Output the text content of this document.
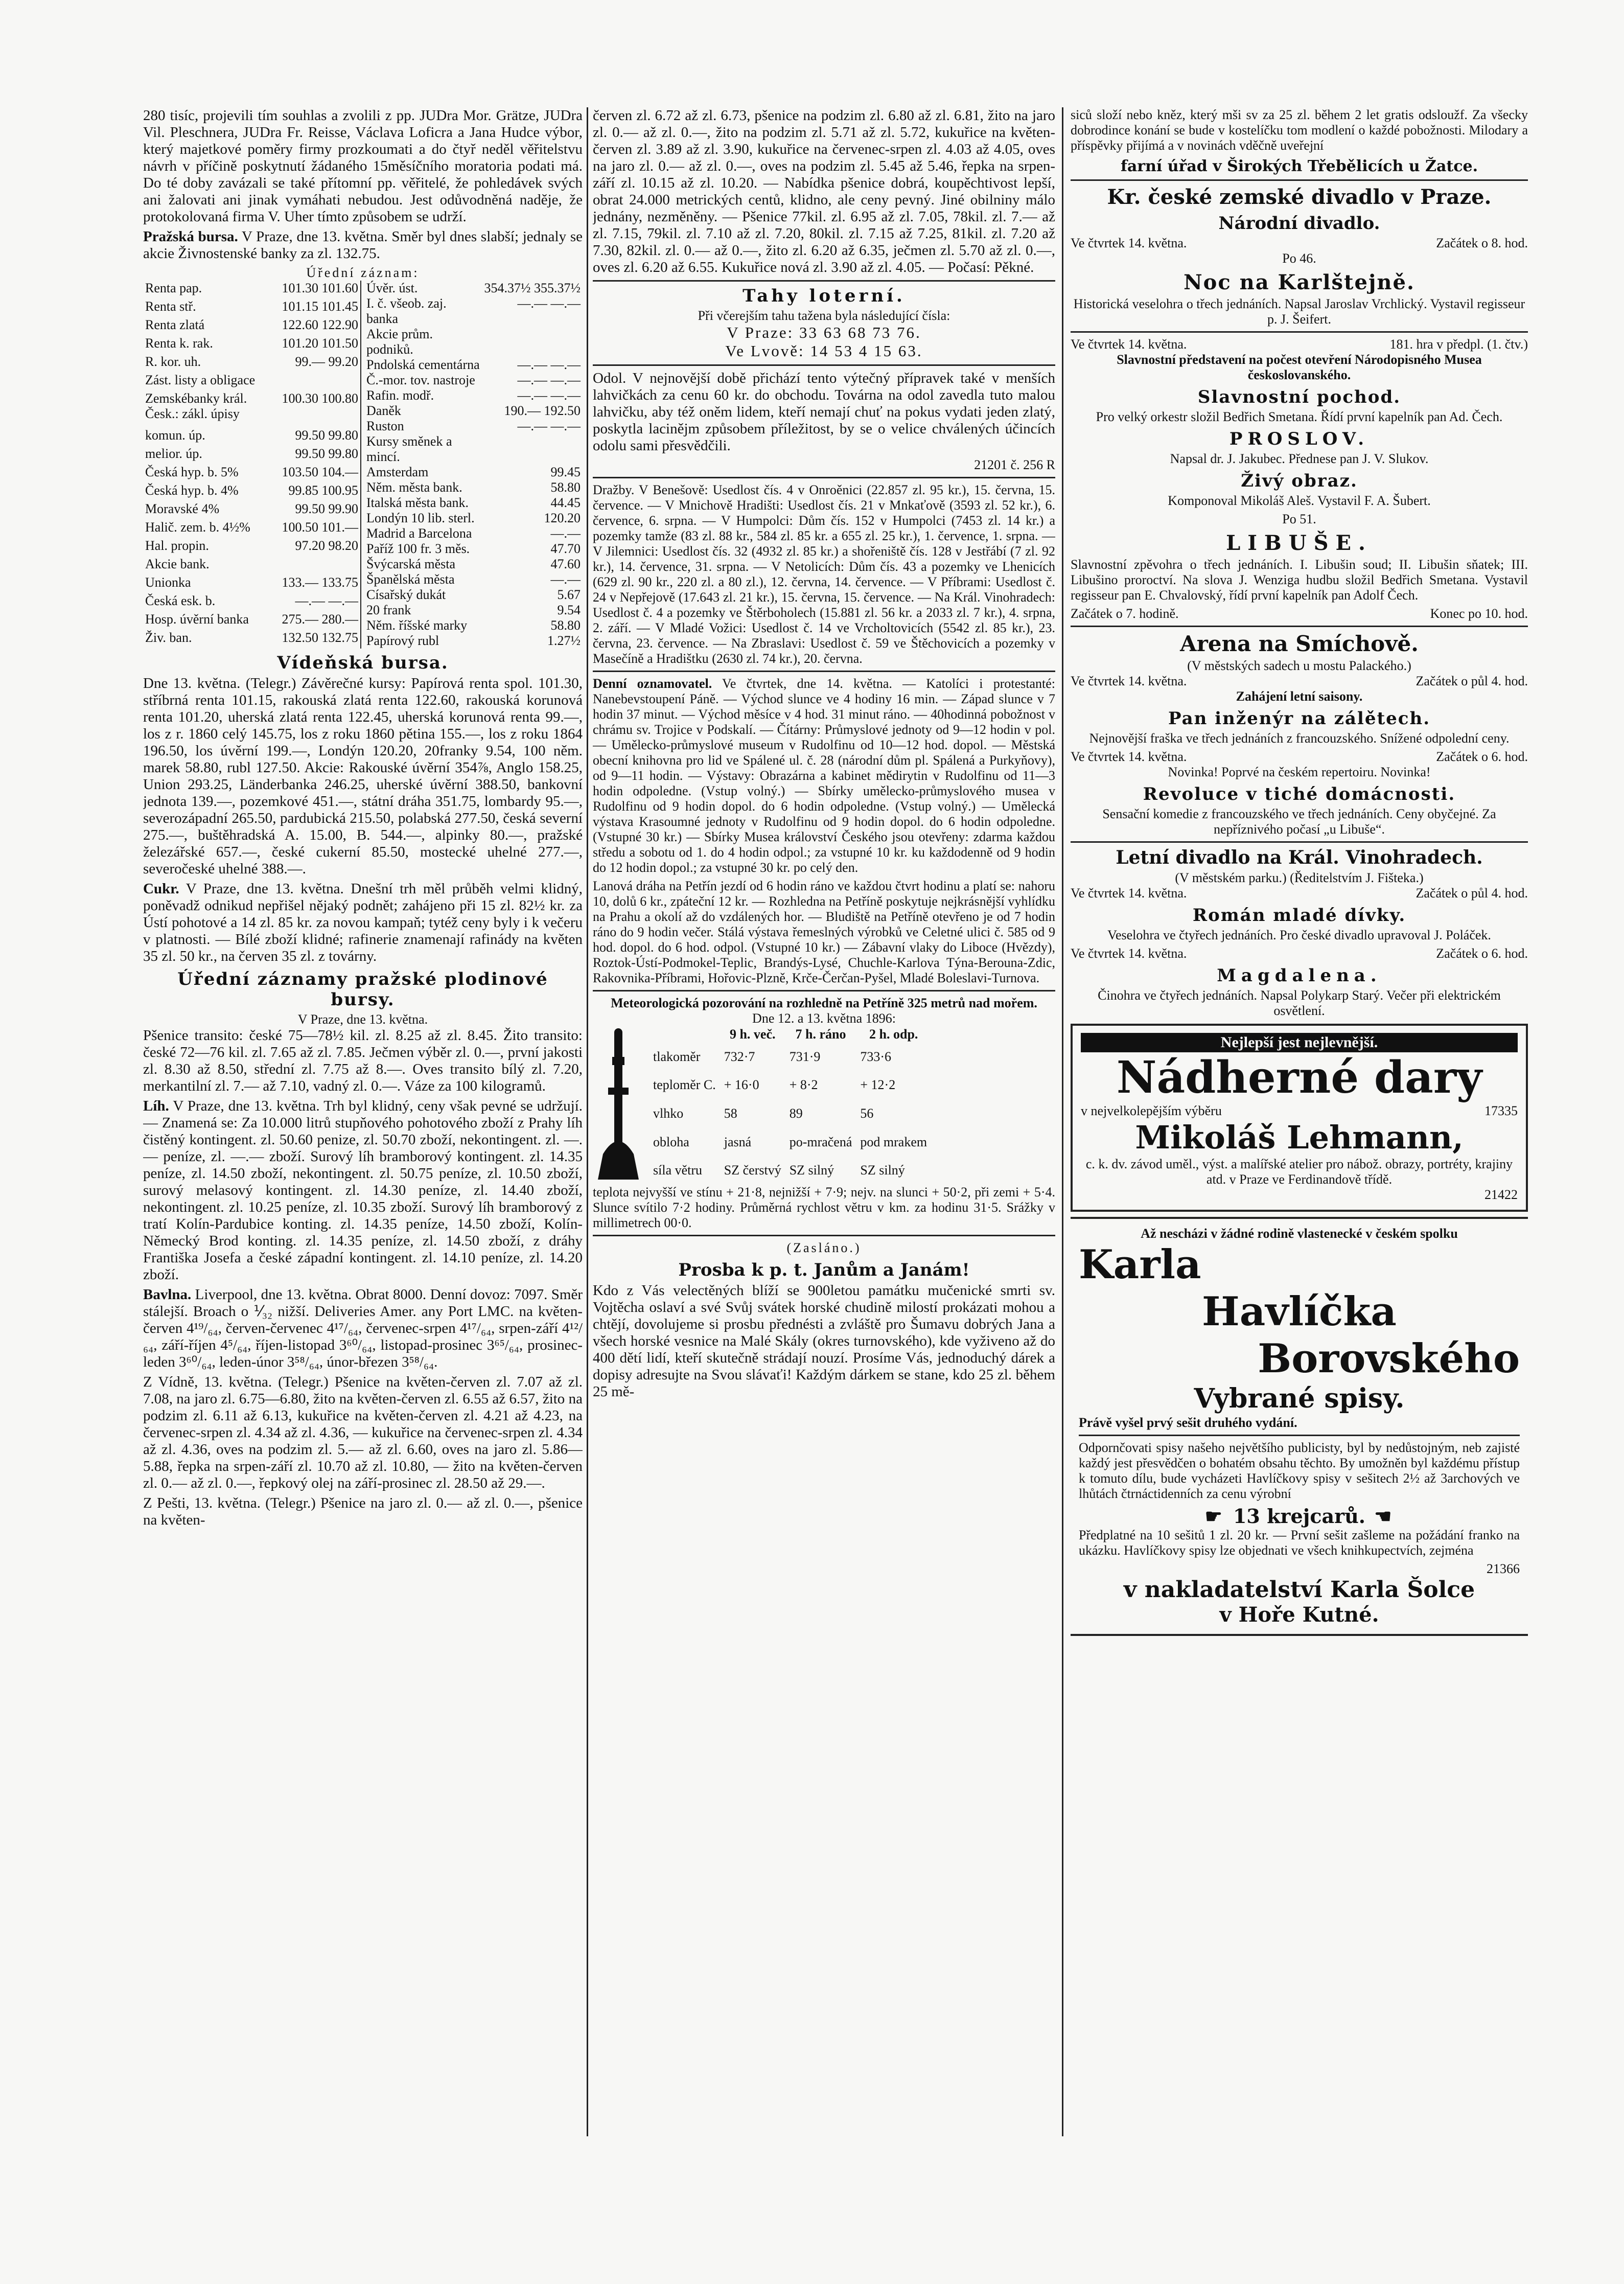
280 tisíc, projevili tím souhlas a zvolili z pp. JUDra Mor. Grätze, JUDra Vil. Pleschnera, JUDra Fr. Reisse, Václava Loficra a Jana Hudce výbor, který majetkové poměry firmy prozkoumati a do čtyř neděl věřitelstvu návrh v příčině poskytnutí žádaného 15měsíčního moratoria podati má. Do té doby zavázali se také přítomní pp. věřitelé, že pohledávek svých ani žalovati ani jinak vymáhati nebudou. Jest odůvodněná naděje, že protokolovaná firma V. Uher tímto způsobem se udrží.

Pražská bursa. V Praze, dne 13. května. Směr byl dnes slabší; jednaly se akcie Živnostenské banky za zl. 132.75.

Úřední záznam:
Renta pap.	101.30 101.60
Renta stř.	101.15 101.45
Renta zlatá	122.60 122.90
Renta k. rak.	101.20 101.50
R. kor. uh.	99.— 99.20
Zást. listy a obligace	
Zemskébanky král. Česk.: zákl. úpisy	100.30 100.80
komun. úp.	99.50 99.80
melior. úp.	99.50 99.80
Česká hyp. b. 5%	103.50 104.—
Česká hyp. b. 4%	99.85 100.95
Moravské 4%	99.50 99.90
Halič. zem. b. 4½%	100.50 101.—
Hal. propin.	97.20 98.20
Akcie bank.	
Unionka	133.— 133.75
Česká esk. b.	—.— —.—
Hosp. úvěrní banka	275.— 280.—
Živ. ban.	132.50 132.75
Úvěr. úst.	354.37½ 355.37½
I. č. všeob. zaj. banka	—.— —.—
Akcie prům. podniků.	
Pndolská cementárna	—.— —.—
Č.-mor. tov. nastroje	—.— —.—
Rafin. modř.	—.— —.—
Daněk	190.— 192.50
Ruston	—.— —.—
Kursy směnek a mincí.	
Amsterdam	99.45
Něm. města bank.	58.80
Italská města bank.	44.45
Londýn 10 lib. sterl.	120.20
Madrid a Barcelona	—.—
Paříž 100 fr. 3 měs.	47.70
Švýcarská města	47.60
Španělská města	—.—
Císařský dukát	5.67
20 frank	9.54
Něm. říšské marky	58.80
Papírový rubl	1.27½
Vídeňská bursa.

Dne 13. května. (Telegr.) Závěrečné kursy: Papírová renta spol. 101.30, stříbrná renta 101.15, rakouská zlatá renta 122.60, rakouská korunová renta 101.20, uherská zlatá renta 122.45, uherská korunová renta 99.—, los z r. 1860 celý 145.75, los z roku 1860 pětina 155.—, los z roku 1864 196.50, los úvěrní 199.—, Londýn 120.20, 20franky 9.54, 100 něm. marek 58.80, rubl 127.50. Akcie: Rakouské úvěrní 354⅞, Anglo 158.25, Union 293.25, Länderbanka 246.25, uherské úvěrní 388.50, bankovní jednota 139.—, pozemkové 451.—, státní dráha 351.75, lombardy 95.—, severozápadní 265.50, pardubická 215.50, polabská 277.50, česká severní 275.—, buštěhradská A. 15.00, B. 544.—, alpinky 80.—, pražské železářské 657.—, české cukerní 85.50, mostecké uhelné 277.—, severočeské uhelné 388.—.

Cukr. V Praze, dne 13. května. Dnešní trh měl průběh velmi klidný, poněvadž odnikud nepřišel nějaký podnět; zahájeno při 15 zl. 82½ kr. za Ústí pohotové a 14 zl. 85 kr. za novou kampaň; tytéž ceny byly i k večeru v platnosti. — Bílé zboží klidné; rafinerie znamenají rafinády na květen 35 zl. 50 kr., na červen 35 zl. z továrny.

Úřední záznamy pražské plodinové bursy.
V Praze, dne 13. května.

Pšenice transito: české 75—78½ kil. zl. 8.25 až zl. 8.45. Žito transito: české 72—76 kil. zl. 7.65 až zl. 7.85. Ječmen výběr zl. 0.—, první jakosti zl. 8.30 až 8.50, střední zl. 7.75 až 8.—. Oves transito bílý zl. 7.20, merkantilní zl. 7.— až 7.10, vadný zl. 0.—. Váze za 100 kilogramů.

Líh. V Praze, dne 13. května. Trh byl klidný, ceny však pevné se udržují. — Znamená se: Za 10.000 litrů stupňového pohotového zboží z Prahy líh čistěný kontingent. zl. 50.60 penize, zl. 50.70 zboží, nekontingent. zl. —.— peníze, zl. —.— zboží. Surový líh bramborový kontingent. zl. 14.35 peníze, zl. 14.50 zboží, nekontingent. zl. 50.75 peníze, zl. 10.50 zboží, surový melasový kontingent. zl. 14.30 peníze, zl. 14.40 zboží, nekontingent. zl. 10.25 peníze, zl. 10.35 zboží. Surový líh bramborový z tratí Kolín-Pardubice konting. zl. 14.35 peníze, 14.50 zboží, Kolín-Německý Brod konting. zl. 14.35 peníze, zl. 14.50 zboží, z dráhy Františka Josefa a české západní kontingent. zl. 14.10 peníze, zl. 14.20 zboží.

Bavlna. Liverpool, dne 13. května. Obrat 8000. Denní dovoz: 7097. Směr stálejší. Broach o ⅟₃₂ nižší. Deliveries Amer. any Port LMC. na květen-červen 4¹⁹/₆₄, červen-červenec 4¹⁷/₆₄, červenec-srpen 4¹⁷/₆₄, srpen-září 4¹²/₆₄, září-říjen 4⁵/₆₄, říjen-listopad 3⁶⁰/₆₄, listopad-prosinec 3⁶⁵/₆₄, prosinec-leden 3⁶⁰/₆₄, leden-únor 3⁵⁸/₆₄, únor-březen 3⁵⁸/₆₄.

Z Vídně, 13. května. (Telegr.) Pšenice na květen-červen zl. 7.07 až zl. 7.08, na jaro zl. 6.75—6.80, žito na květen-červen zl. 6.55 až 6.57, žito na podzim zl. 6.11 až 6.13, kukuřice na květen-červen zl. 4.21 až 4.23, na červenec-srpen zl. 4.34 až zl. 4.36, — kukuřice na červenec-srpen zl. 4.34 až zl. 4.36, oves na podzim zl. 5.— až zl. 6.60, oves na jaro zl. 5.86—5.88, řepka na srpen-září zl. 10.70 až zl. 10.80, — žito na květen-červen zl. 0.— až zl. 0.—, řepkový olej na září-prosinec zl. 28.50 až 29.—.

Z Pešti, 13. května. (Telegr.) Pšenice na jaro zl. 0.— až zl. 0.—, pšenice na květen-

červen zl. 6.72 až zl. 6.73, pšenice na podzim zl. 6.80 až zl. 6.81, žito na jaro zl. 0.— až zl. 0.—, žito na podzim zl. 5.71 až zl. 5.72, kukuřice na květen-červen zl. 3.89 až zl. 3.90, kukuřice na červenec-srpen zl. 4.03 až 4.05, oves na jaro zl. 0.— až zl. 0.—, oves na podzim zl. 5.45 až 5.46, řepka na srpen-září zl. 10.15 až zl. 10.20. — Nabídka pšenice dobrá, koupěchtivost lepší, obrat 24.000 metrických centů, klidno, ale ceny pevný. Jiné obilniny málo jednány, nezměněny. — Pšenice 77kil. zl. 6.95 až zl. 7.05, 78kil. zl. 7.— až zl. 7.15, 79kil. zl. 7.10 až zl. 7.20, 80kil. zl. 7.15 až 7.25, 81kil. zl. 7.20 až 7.30, 82kil. zl. 0.— až 0.—, žito zl. 6.20 až 6.35, ječmen zl. 5.70 až zl. 0.—, oves zl. 6.20 až 6.55. Kukuřice nová zl. 3.90 až zl. 4.05. — Počasí: Pěkné.

Tahy loterní.
Při včerejším tahu tažena byla následující čísla:
V Praze: 33 63 68 73 76.
Ve Lvově: 14 53 4 15 63.

Odol. V nejnovější době přichází tento výtečný přípravek také v menších lahvičkách za cenu 60 kr. do obchodu. Továrna na odol zavedla tuto malou lahvičku, aby též oněm lidem, kteří nemají chuť na pokus vydati jeden zlatý, poskytla lacinějm způsobem příležitost, by se o velice chválených účincích odolu sami přesvědčili.

21201 č. 256 R

Dražby. V Benešově: Usedlost čís. 4 v Onroěnici (22.857 zl. 95 kr.), 15. června, 15. července. — V Mnichově Hradišti: Usedlost čís. 21 v Mnkaťově (3593 zl. 52 kr.), 6. července, 6. srpna. — V Humpolci: Dům čís. 152 v Humpolci (7453 zl. 14 kr.) a pozemky tamže (83 zl. 88 kr., 584 zl. 85 kr. a 655 zl. 25 kr.), 1. července, 1. srpna. — V Jilemnici: Usedlost čís. 32 (4932 zl. 85 kr.) a shořeniště čís. 128 v Jestřábí (7 zl. 92 kr.), 14. července, 31. srpna. — V Netolicích: Dům čís. 43 a pozemky ve Lhenicích (629 zl. 90 kr., 220 zl. a 80 zl.), 12. června, 14. července. — V Příbrami: Usedlost č. 24 v Nepřejově (17.643 zl. 21 kr.), 15. června, 15. července. — Na Král. Vinohradech: Usedlost č. 4 a pozemky ve Štěrboholech (15.881 zl. 56 kr. a 2033 zl. 7 kr.), 4. srpna, 2. září. — V Mladé Vožici: Usedlost č. 14 ve Vrcholtovicích (5542 zl. 85 kr.), 23. června, 23. července. — Na Zbraslavi: Usedlost č. 59 ve Štěchovicích a pozemky v Masečíně a Hradištku (2630 zl. 74 kr.), 20. června.

Denní oznamovatel. Ve čtvrtek, dne 14. května. — Katolíci i protestanté: Nanebevstoupení Páně. — Východ slunce ve 4 hodiny 16 min. — Západ slunce v 7 hodin 37 minut. — Východ měsíce v 4 hod. 31 minut ráno. — 40hodinná pobožnost v chrámu sv. Trojice v Podskalí. — Čítárny: Průmyslové jednoty od 9—12 hodin v pol. — Umělecko-průmyslové museum v Rudolfinu od 10—12 hod. dopol. — Městská obecní knihovna pro lid ve Spálené ul. č. 28 (národní dům pl. Spálená a Purkyňovy), od 9—11 hodin. — Výstavy: Obrazárna a kabinet mědirytin v Rudolfinu od 11—3 hodin odpoledne. (Vstup volný.) — Sbírky umělecko-průmyslového musea v Rudolfinu od 9 hodin dopol. do 6 hodin odpoledne. (Vstup volný.) — Umělecká výstava Krasoumné jednoty v Rudolfinu od 9 hodin dopol. do 6 hodin odpoledne. (Vstupné 30 kr.) — Sbírky Musea království Českého jsou otevřeny: zdarma každou středu a sobotu od 1. do 4 hodin odpol.; za vstupné 10 kr. ku každodenně od 9 hodin do 12 hodin dopol.; za vstupné 30 kr. po celý den.

Lanová dráha na Petřín jezdí od 6 hodin ráno ve každou čtvrt hodinu a platí se: nahoru 10, dolů 6 kr., zpáteční 12 kr. — Rozhledna na Petříně poskytuje nejkrásnější vyhlídku na Prahu a okolí až do vzdálených hor. — Bludiště na Petříně otevřeno je od 7 hodin ráno do 9 hodin večer. Stálá výstava řemeslných výrobků ve Celetné ulici č. 585 od 9 hod. dopol. do 6 hod. odpol. (Vstupné 10 kr.) — Zábavní vlaky do Liboce (Hvězdy), Roztok-Ústí-Podmokel-Teplic, Brandýs-Lysé, Chuchle-Karlova Týna-Berouna-Zdic, Rakovnika-Příbrami, Hořovic-Plzně, Krče-Čerčan-Pyšel, Mladé Boleslavi-Turnova.

Meteorologická pozorování na rozhledně na Petříně 325 metrů nad mořem.
Dne 12. a 13. května 1896:
	9 h. več.	7 h. ráno	2 h. odp.
tlakoměr	732·7	731·9	733·6
teploměr C.	+ 16·0	+ 8·2	+ 12·2
vlhko	58	89	56
obloha	jasná	po-mračená	pod mrakem
síla větru	SZ čerstvý	SZ silný	SZ silný

teplota nejvyšší ve stínu + 21·8, nejnižší + 7·9; nejv. na slunci + 50·2, při zemi + 5·4. Slunce svítilo 7·2 hodiny. Průměrná rychlost větru v km. za hodinu 31·5. Srážky v millimetrech 00·0.

(Zasláno.)
Prosba k p. t. Janům a Janám!

Kdo z Vás velectěných blíží se 900letou památku mučenické smrti sv. Vojtěcha oslaví a své Svůj svátek horské chudině milostí prokázati mohou a chtějí, dovolujeme si prosbu přednésti a zvláště pro Šumavu dobrých Jana a všech horské vesnice na Malé Skály (okres turnovského), kde vyživeno až do 400 dětí lidí, kteří skutečně strádají nouzí. Prosíme Vás, jednoduchý dárek a dopisy adresujte na Svou slávaťi! Každým dárkem se stane, kdo 25 zl. během 25 mě-

siců složí nebo kněz, který mši sv za 25 zl. během 2 let gratis odsloužf. Za všecky dobrodince konání se bude v kostelíčku tom modlení o každé pobožnosti. Milodary a příspěvky přijímá a v novinách vděčně uveřejní

farní úřad v Širokých Třebělicích u Žatce.
Kr. české zemské divadlo v Praze.
Národní divadlo.
Ve čtvrtek 14. května.	Začátek o 8. hod.
Po 46.
Noc na Karlštejně.

Historická veselohra o třech jednáních. Napsal Jaroslav Vrchlický. Vystavil regisseur p. J. Šeifert.

Ve čtvrtek 14. května.	181. hra v předpl. (1. čtv.)

Slavnostní představení na počest otevření Národopisného Musea českoslovanského.

Slavnostní pochod.

Pro velký orkestr složil Bedřich Smetana. Řídí první kapelník pan Ad. Čech.

PROSLOV.

Napsal dr. J. Jakubec. Přednese pan J. V. Slukov.

Živý obraz.

Komponoval Mikoláš Aleš. Vystavil F. A. Šubert.

Po 51.
LIBUŠE.

Slavnostní zpěvohra o třech jednáních. I. Libušin soud; II. Libušin sňatek; III. Libušino proroctví. Na slova J. Wenziga hudbu složil Bedřich Smetana. Vystavil regisseur pan E. Chvalovský, řídí první kapelník pan Adolf Čech.

Začátek o 7. hodině.	Konec po 10. hod.
Arena na Smíchově.
(V městských sadech u mostu Palackého.)
Ve čtvrtek 14. května.	Začátek o půl 4. hod.
Zahájení letní saisony.
Pan inženýr na zálětech.

Nejnovější fraška ve třech jednáních z francouzského. Snížené odpolední ceny.

Ve čtvrtek 14. května.	Začátek o 6. hod.
Novinka! Poprvé na českém repertoiru. Novinka!
Revoluce v tiché domácnosti.

Sensační komedie z francouzského ve třech jednáních. Ceny obyčejné. Za nepříznivého počasí „u Libuše“.

Letní divadlo na Král. Vinohradech.
(V městském parku.) (Ředitelstvím J. Fišteka.)
Ve čtvrtek 14. května.	Začátek o půl 4. hod.
Román mladé dívky.

Veselohra ve čtyřech jednáních. Pro české divadlo upravoval J. Poláček.

Ve čtvrtek 14. května.	Začátek o 6. hod.
Magdalena.

Činohra ve čtyřech jednáních. Napsal Polykarp Starý. Večer při elektrickém osvětlení.

Nejlepší jest nejlevnější.
Nádherné dary
v nejvelkolepějším výběru	17335
Mikoláš Lehmann,
c. k. dv. závod uměl., výst. a malířské atelier pro nábož. obrazy, portréty, krajiny atd. v Praze ve Ferdinandově třídě.
21422
Až nescházi v žádné rodině vlastenecké v českém spolku
Karla
Havlíčka
Borovského
Vybrané spisy.
Právě vyšel prvý sešit druhého vydání.

Odpornčovati spisy našeho největšího publicisty, byl by nedůstojným, neb zajisté každý jest přesvědčen o bohatém obsahu těchto. By umožněn byl každému přístup k tomuto dílu, bude vycházeti Havlíčkovy spisy v sešitech 2½ až 3archových ve lhůtách čtrnáctidenních za cenu výrobní

☛ 13 krejcarů. ☚

Předplatné na 10 sešitů 1 zl. 20 kr. — První sešit zašleme na požádání franko na ukázku. Havlíčkovy spisy lze objednati ve všech knihkupectvích, zejména

21366
v nakladatelství Karla Šolce
v Hoře Kutné.
